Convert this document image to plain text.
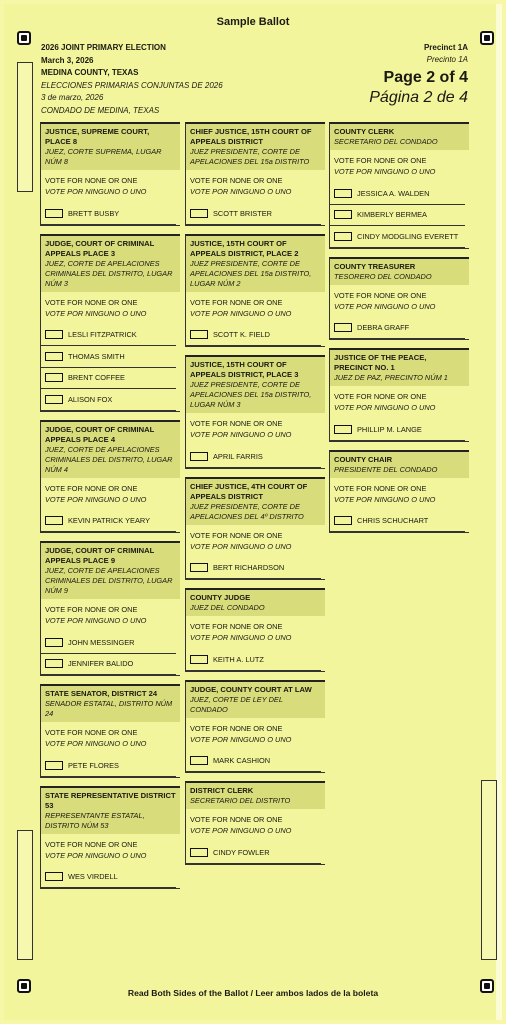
Sample Ballot
2026 JOINT PRIMARY ELECTION
March 3, 2026
MEDINA COUNTY, TEXAS
ELECCIONES PRIMARIAS CONJUNTAS DE 2026
3 de marzo, 2026
CONDADO DE MEDINA, TEXAS
Precinct 1A
Precinto 1A
Page 2 of 4
Página 2 de 4
JUSTICE, SUPREME COURT, PLACE 8
JUEZ, CORTE SUPREMA, LUGAR NÚM 8
VOTE FOR NONE OR ONE
VOTE POR NINGUNO O UNO
BRETT BUSBY
JUDGE, COURT OF CRIMINAL APPEALS PLACE 3
JUEZ, CORTE DE APELACIONES CRIMINALES DEL DISTRITO, LUGAR NÚM 3
VOTE FOR NONE OR ONE
VOTE POR NINGUNO O UNO
LESLI FITZPATRICK
THOMAS SMITH
BRENT COFFEE
ALISON FOX
JUDGE, COURT OF CRIMINAL APPEALS PLACE 4
JUEZ, CORTE DE APELACIONES CRIMINALES DEL DISTRITO, LUGAR NÚM 4
VOTE FOR NONE OR ONE
VOTE POR NINGUNO O UNO
KEVIN PATRICK YEARY
JUDGE, COURT OF CRIMINAL APPEALS PLACE 9
JUEZ, CORTE DE APELACIONES CRIMINALES DEL DISTRITO, LUGAR NÚM 9
VOTE FOR NONE OR ONE
VOTE POR NINGUNO O UNO
JOHN MESSINGER
JENNIFER BALIDO
STATE SENATOR, DISTRICT 24
SENADOR ESTATAL, DISTRITO NÚM 24
VOTE FOR NONE OR ONE
VOTE POR NINGUNO O UNO
PETE FLORES
STATE REPRESENTATIVE DISTRICT 53
REPRESENTANTE ESTATAL, DISTRITO NÚM 53
VOTE FOR NONE OR ONE
VOTE POR NINGUNO O UNO
WES VIRDELL
CHIEF JUSTICE, 15TH COURT OF APPEALS DISTRICT
JUEZ PRESIDENTE, CORTE DE APELACIONES DEL 15a DISTRITO
VOTE FOR NONE OR ONE
VOTE POR NINGUNO O UNO
SCOTT BRISTER
JUSTICE, 15TH COURT OF APPEALS DISTRICT, PLACE 2
JUEZ PRESIDENTE, CORTE DE APELACIONES DEL 15a DISTRITO, LUGAR NÚM 2
VOTE FOR NONE OR ONE
VOTE POR NINGUNO O UNO
SCOTT K. FIELD
JUSTICE, 15TH COURT OF APPEALS DISTRICT, PLACE 3
JUEZ PRESIDENTE, CORTE DE APELACIONES DEL 15a DISTRITO, LUGAR NÚM 3
VOTE FOR NONE OR ONE
VOTE POR NINGUNO O UNO
APRIL FARRIS
CHIEF JUSTICE, 4TH COURT OF APPEALS DISTRICT
JUEZ PRESIDENTE, CORTE DE APELACIONES DEL 4º DISTRITO
VOTE FOR NONE OR ONE
VOTE POR NINGUNO O UNO
BERT RICHARDSON
COUNTY JUDGE
JUEZ DEL CONDADO
VOTE FOR NONE OR ONE
VOTE POR NINGUNO O UNO
KEITH A. LUTZ
JUDGE, COUNTY COURT AT LAW
JUEZ, CORTE DE LEY DEL CONDADO
VOTE FOR NONE OR ONE
VOTE POR NINGUNO O UNO
MARK CASHION
DISTRICT CLERK
SECRETARIO DEL DISTRITO
VOTE FOR NONE OR ONE
VOTE POR NINGUNO O UNO
CINDY FOWLER
COUNTY CLERK
SECRETARIO DEL CONDADO
VOTE FOR NONE OR ONE
VOTE POR NINGUNO O UNO
JESSICA A. WALDEN
KIMBERLY BERMEA
CINDY MODGLING EVERETT
COUNTY TREASURER
TESORERO DEL CONDADO
VOTE FOR NONE OR ONE
VOTE POR NINGUNO O UNO
DEBRA GRAFF
JUSTICE OF THE PEACE, PRECINCT NO. 1
JUEZ DE PAZ, PRECINTO NÚM 1
VOTE FOR NONE OR ONE
VOTE POR NINGUNO O UNO
PHILLIP M. LANGE
COUNTY CHAIR
PRESIDENTE DEL CONDADO
VOTE FOR NONE OR ONE
VOTE POR NINGUNO O UNO
CHRIS SCHUCHART
Read Both Sides of the Ballot / Leer ambos lados de la boleta
